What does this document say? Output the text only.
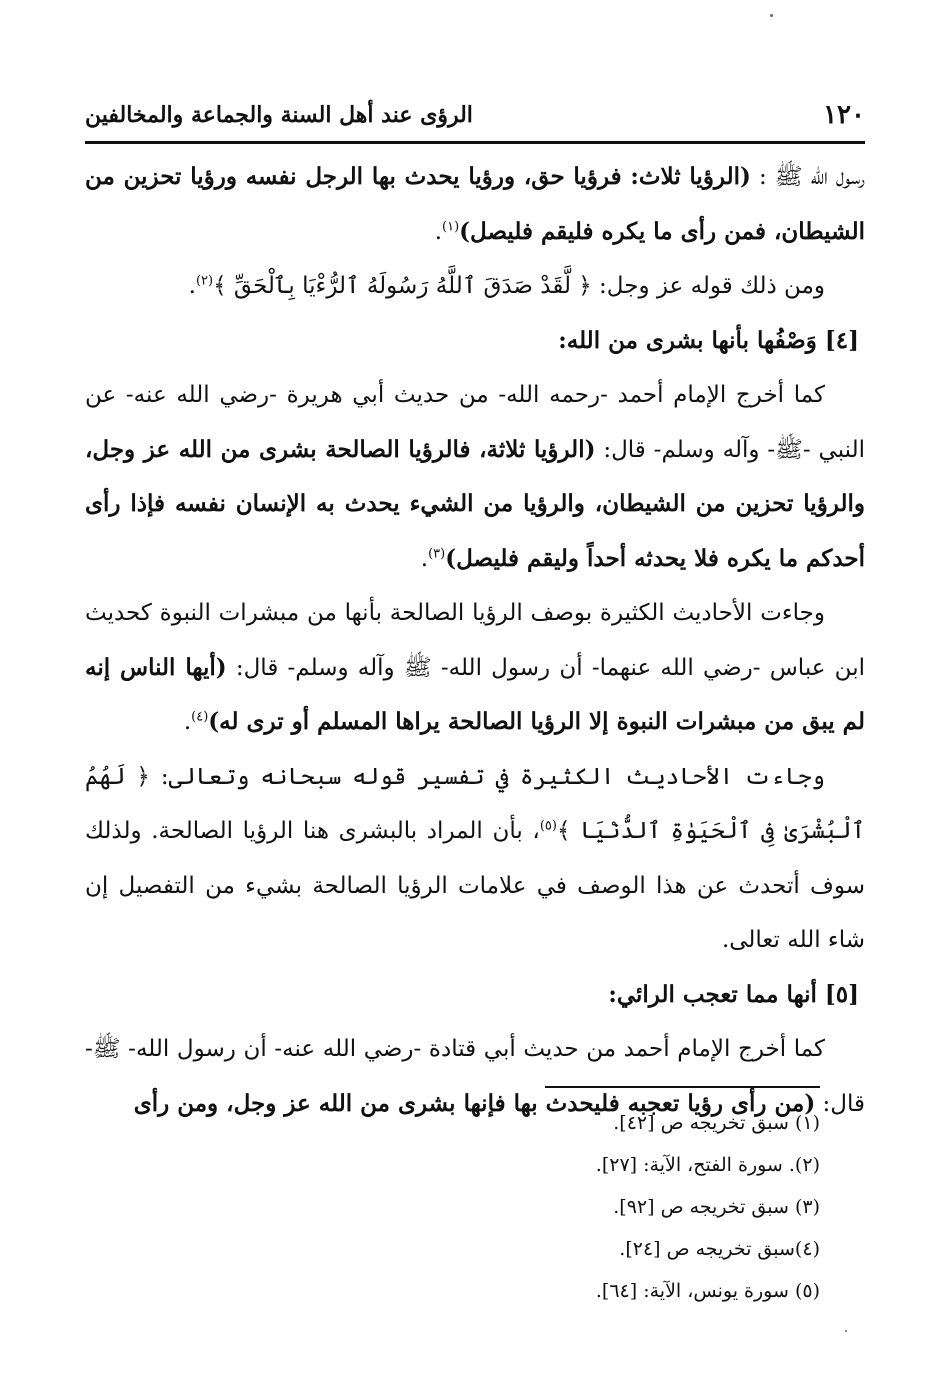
١٢٠
الرؤى عند أهل السنة والجماعة والمخالفين

رسول الله ﷺ : (الرؤيا ثلاث: فرؤيا حق، ورؤيا يحدث بها الرجل نفسه ورؤيا تحزين من الشيطان، فمن رأى ما يكره فليقم فليصل)$^{(١)}$.

ومن ذلك قوله عز وجل: ﴿ لَّقَدْ صَدَقَ ٱللَّهُ رَسُولَهُ ٱلرُّءْيَا بِٱلْحَقِّ ﴾$^{(٢)}$.

[٤] وَصْفُها بأنها بشرى من الله:

كما أخرج الإمام أحمد -رحمه الله- من حديث أبي هريرة -رضي الله عنه- عن النبي -ﷺ- وآله وسلم- قال: (الرؤيا ثلاثة، فالرؤيا الصالحة بشرى من الله عز وجل، والرؤيا تحزين من الشيطان، والرؤيا من الشيء يحدث به الإنسان نفسه فإذا رأى أحدكم ما يكره فلا يحدثه أحداً وليقم فليصل)$^{(٣)}$.

وجاءت الأحاديث الكثيرة بوصف الرؤيا الصالحة بأنها من مبشرات النبوة كحديث ابن عباس -رضي الله عنهما- أن رسول الله- ﷺ وآله وسلم- قال: (أيها الناس إنه لم يبق من مبشرات النبوة إلا الرؤيا الصالحة يراها المسلم أو ترى له)$^{(٤)}$.

وجاءت الأحاديث الكثيرة في تفسير قوله سبحانه وتعالى: ﴿ لَهُمُ ٱلْبُشْرَىٰ فِى ٱلْحَيَوٰةِ ٱلدُّنْيَا ﴾$^{(٥)}$، بأن المراد بالبشرى هنا الرؤيا الصالحة. ولذلك سوف أتحدث عن هذا الوصف في علامات الرؤيا الصالحة بشيء من التفصيل إن شاء الله تعالى.

[٥] أنها مما تعجب الرائي:

كما أخرج الإمام أحمد من حديث أبي قتادة -رضي الله عنه- أن رسول الله- ﷺ- قال: (من رأى رؤيا تعجبه فليحدث بها فإنها بشرى من الله عز وجل، ومن رأى

(١) سبق تخريجه ص [٤٢].
(٢). سورة الفتح، الآية: [٢٧].
(٣) سبق تخريجه ص [٩٢].
(٤)سبق تخريجه ص [٢٤].
(٥) سورة يونس، الآية: [٦٤].
